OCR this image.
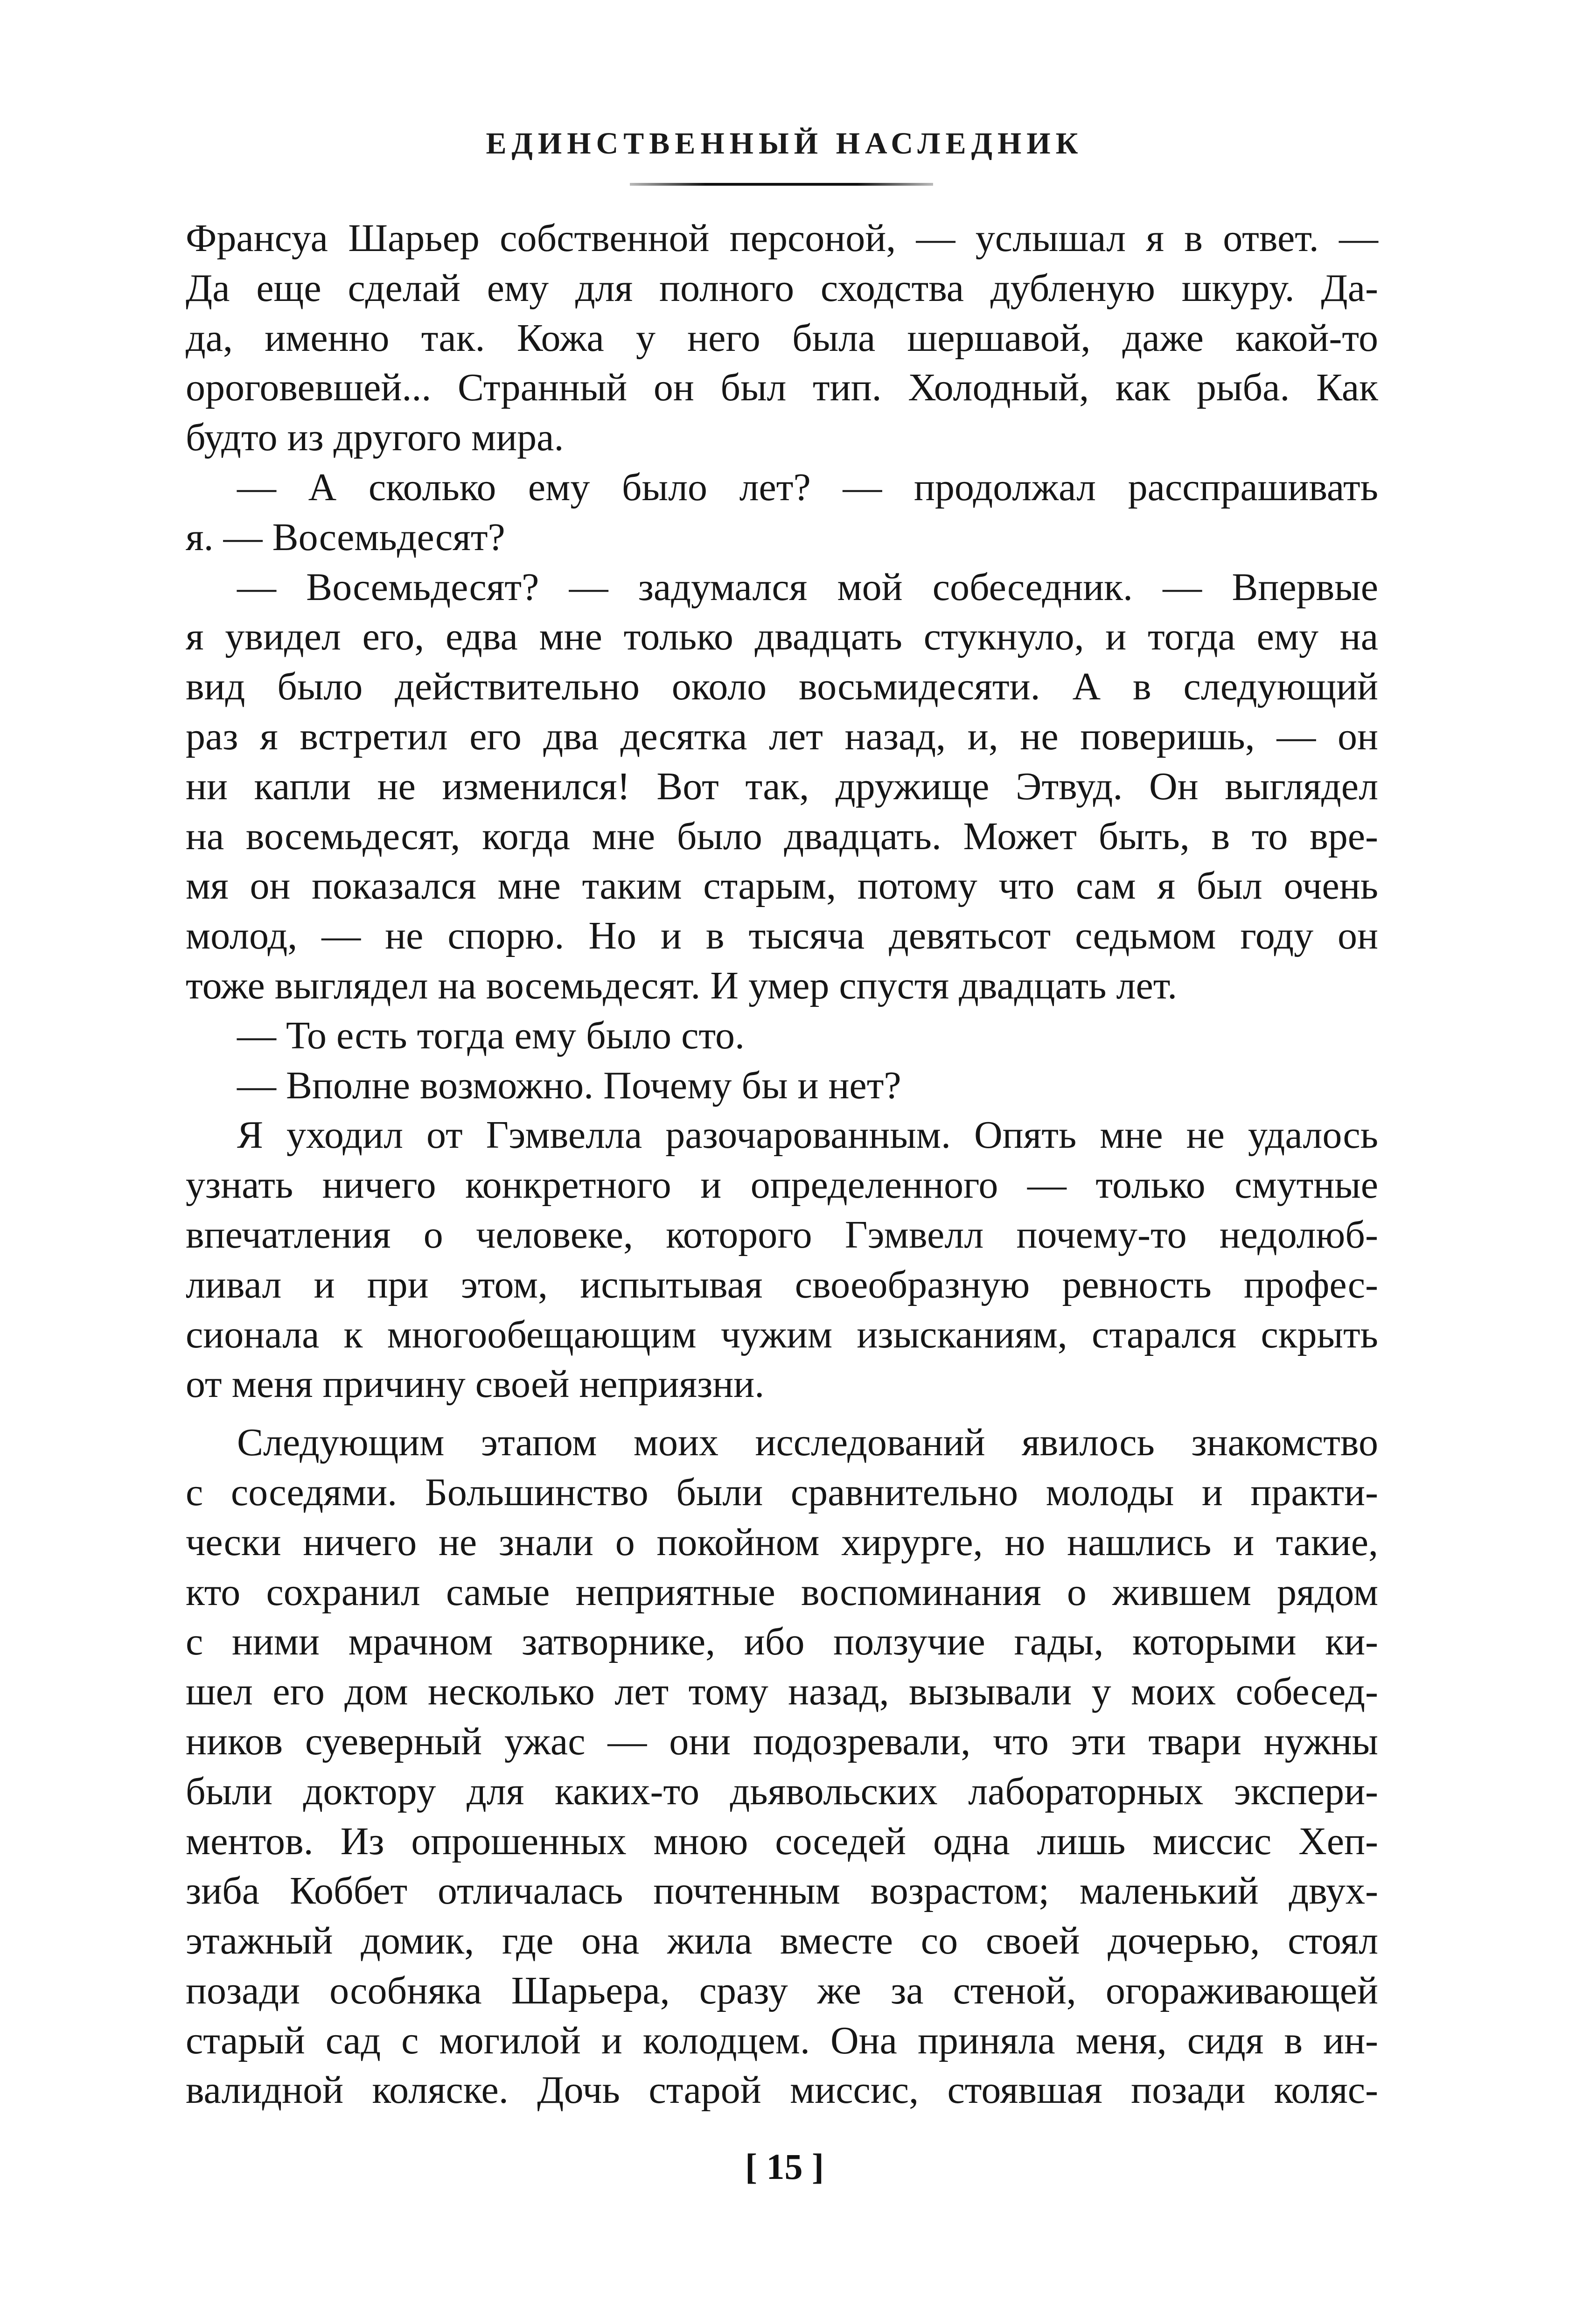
ЕДИНСТВЕННЫЙ НАСЛЕДНИК
Франсуа Шарьер собственной персоной, — услышал я в ответ. —
Да еще сделай ему для полного сходства дубленую шкуру. Да-
да, именно так. Кожа у него была шершавой, даже какой-то
ороговевшей... Странный он был тип. Холодный, как рыба. Как
будто из другого мира.
— А сколько ему было лет? — продолжал расспрашивать
я. — Восемьдесят?
— Восемьдесят? — задумался мой собеседник. — Впервые
я увидел его, едва мне только двадцать стукнуло, и тогда ему на
вид было действительно около восьмидесяти. А в следующий
раз я встретил его два десятка лет назад, и, не поверишь, — он
ни капли не изменился! Вот так, дружище Этвуд. Он выглядел
на восемьдесят, когда мне было двадцать. Может быть, в то вре-
мя он показался мне таким старым, потому что сам я был очень
молод, — не спорю. Но и в тысяча девятьсот седьмом году он
тоже выглядел на восемьдесят. И умер спустя двадцать лет.
— То есть тогда ему было сто.
— Вполне возможно. Почему бы и нет?
Я уходил от Гэмвелла разочарованным. Опять мне не удалось
узнать ничего конкретного и определенного — только смутные
впечатления о человеке, которого Гэмвелл почему-то недолюб-
ливал и при этом, испытывая своеобразную ревность профес-
сионала к многообещающим чужим изысканиям, старался скрыть
от меня причину своей неприязни.
Следующим этапом моих исследований явилось знакомство
с соседями. Большинство были сравнительно молоды и практи-
чески ничего не знали о покойном хирурге, но нашлись и такие,
кто сохранил самые неприятные воспоминания о жившем рядом
с ними мрачном затворнике, ибо ползучие гады, которыми ки-
шел его дом несколько лет тому назад, вызывали у моих собесед-
ников суеверный ужас — они подозревали, что эти твари нужны
были доктору для каких-то дьявольских лабораторных экспери-
ментов. Из опрошенных мною соседей одна лишь миссис Хеп-
зиба Коббет отличалась почтенным возрастом; маленький двух-
этажный домик, где она жила вместе со своей дочерью, стоял
позади особняка Шарьера, сразу же за стеной, огораживающей
старый сад с могилой и колодцем. Она приняла меня, сидя в ин-
валидной коляске. Дочь старой миссис, стоявшая позади коляс-
[ 15 ]
